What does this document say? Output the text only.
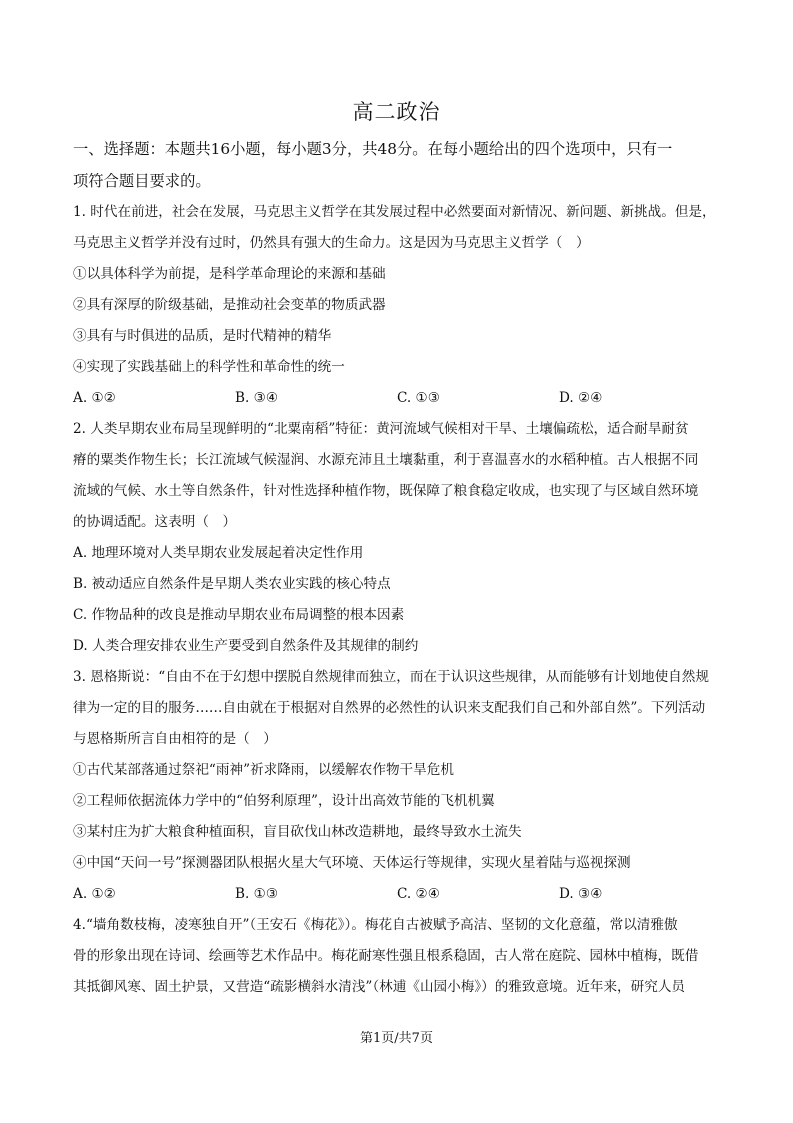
高二政治
一、选择题：本题共16小题，每小题3分，共48分。在每小题给出的四个选项中，只有一
项符合题目要求的。
1. 时代在前进，社会在发展，马克思主义哲学在其发展过程中必然要面对新情况、新问题、新挑战。但是，
马克思主义哲学并没有过时，仍然具有强大的生命力。这是因为马克思主义哲学（　）
①以具体科学为前提，是科学革命理论的来源和基础
②具有深厚的阶级基础，是推动社会变革的物质武器
③具有与时俱进的品质，是时代精神的精华
④实现了实践基础上的科学性和革命性的统一
A. ①②	B. ③④	C. ①③	D. ②④
2. 人类早期农业布局呈现鲜明的“北粟南稻”特征：黄河流域气候相对干旱、土壤偏疏松，适合耐旱耐贫
瘠的粟类作物生长；长江流域气候湿润、水源充沛且土壤黏重，利于喜温喜水的水稻种植。古人根据不同
流域的气候、水土等自然条件，针对性选择种植作物，既保障了粮食稳定收成，也实现了与区域自然环境
的协调适配。这表明（　）
A. 地理环境对人类早期农业发展起着决定性作用
B. 被动适应自然条件是早期人类农业实践的核心特点
C. 作物品种的改良是推动早期农业布局调整的根本因素
D. 人类合理安排农业生产要受到自然条件及其规律的制约
3. 恩格斯说：“自由不在于幻想中摆脱自然规律而独立，而在于认识这些规律，从而能够有计划地使自然规
律为一定的目的服务……自由就在于根据对自然界的必然性的认识来支配我们自己和外部自然”。下列活动
与恩格斯所言自由相符的是（　）
①古代某部落通过祭祀“雨神”祈求降雨，以缓解农作物干旱危机
②工程师依据流体力学中的“伯努利原理”，设计出高效节能的飞机机翼
③某村庄为扩大粮食种植面积，盲目砍伐山林改造耕地，最终导致水土流失
④中国“天问一号”探测器团队根据火星大气环境、天体运行等规律，实现火星着陆与巡视探测
A. ①②	B. ①③	C. ②④	D. ③④
4.“墙角数枝梅，凌寒独自开”（王安石《梅花》）。梅花自古被赋予高洁、坚韧的文化意蕴，常以清雅傲
骨的形象出现在诗词、绘画等艺术作品中。梅花耐寒性强且根系稳固，古人常在庭院、园林中植梅，既借
其抵御风寒、固土护景，又营造“疏影横斜水清浅”（林逋《山园小梅》）的雅致意境。近年来，研究人员
第1页/共7页
